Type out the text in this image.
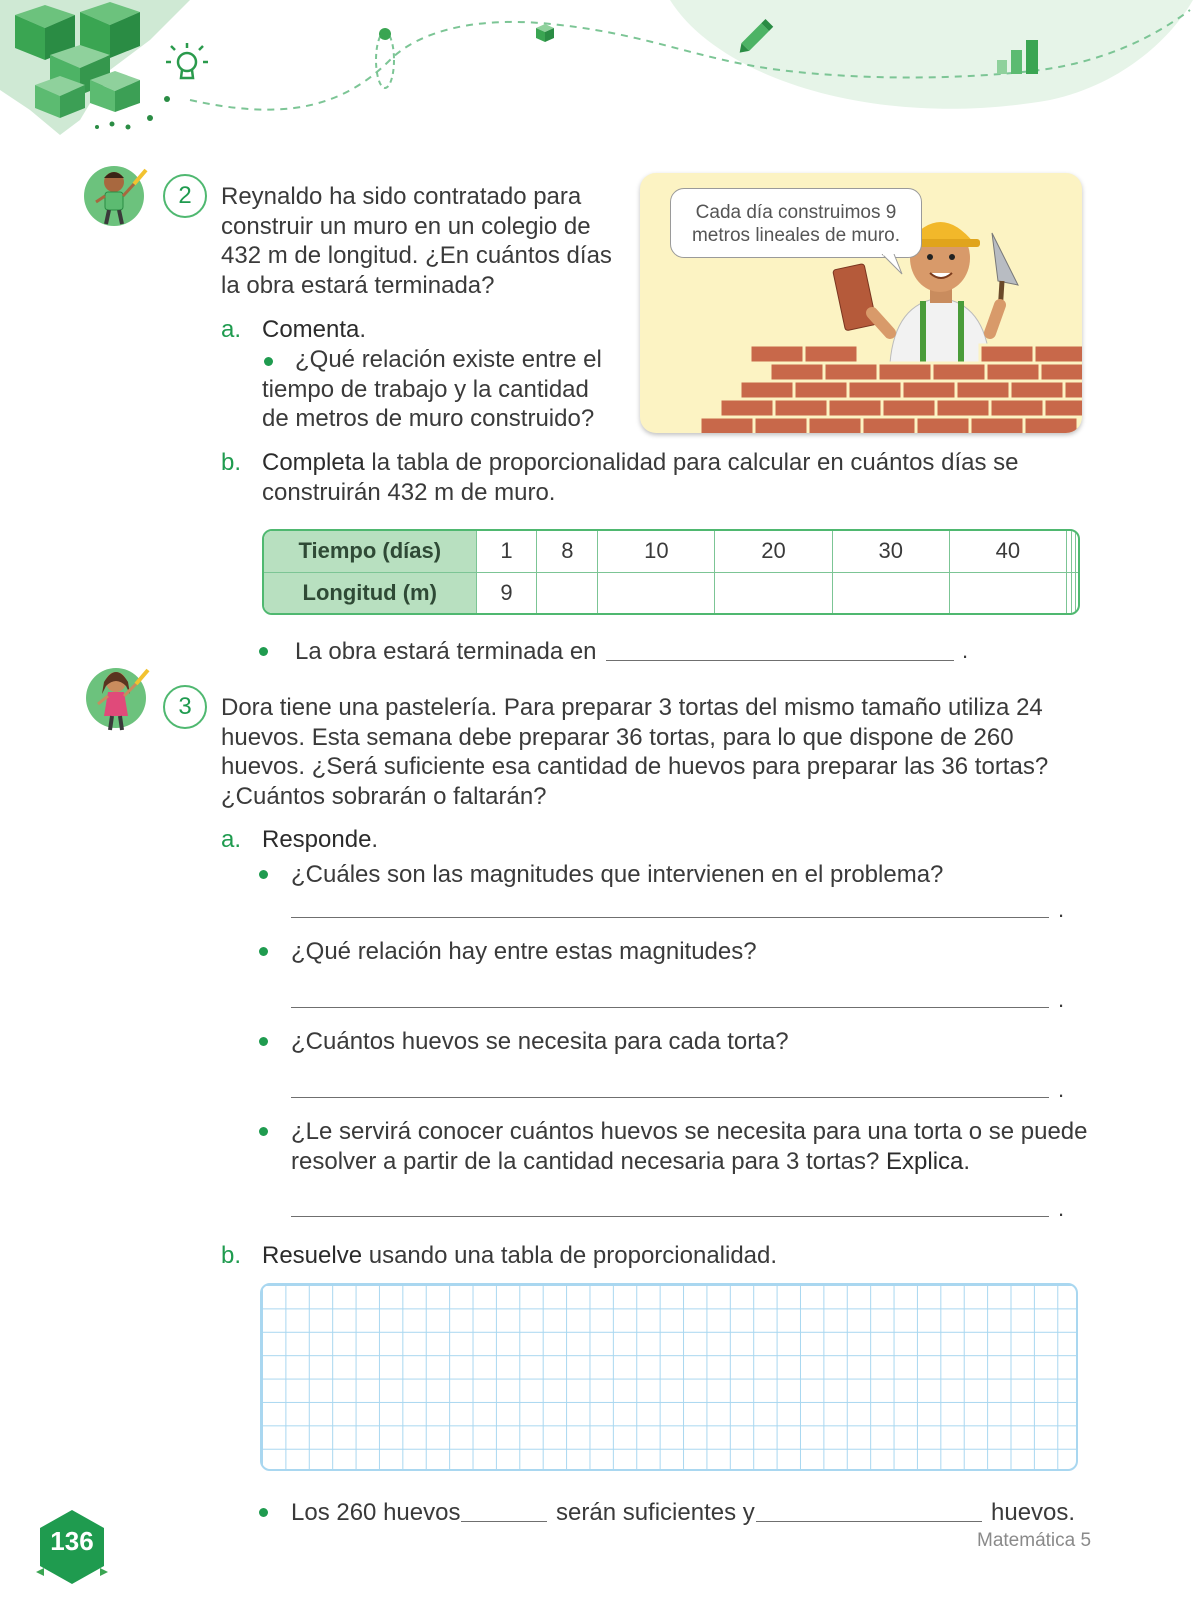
2	Reynaldo ha sido contratado para
construir un muro en un colegio de
432 m de longitud. ¿En cuántos días
la obra estará terminada?
a. Comenta.
¿Qué relación existe entre el
tiempo de trabajo y la cantidad
de metros de muro construido?
Cada día construimos 9
metros lineales de muro.
b. Completa la tabla de proporcionalidad para calcular en cuántos días se
construirán 432 m de muro.
Tiempo (días)	1	8	10	20	30	40			
Longitud (m)	9								
La obra estará terminada en	.
3	Dora tiene una pastelería. Para preparar 3 tortas del mismo tamaño utiliza 24
huevos. Esta semana debe preparar 36 tortas, para lo que dispone de 260
huevos. ¿Será suficiente esa cantidad de huevos para preparar las 36 tortas?
¿Cuántos sobrarán o faltarán?
a. Responde.
¿Cuáles son las magnitudes que intervienen en el problema?
.
¿Qué relación hay entre estas magnitudes?
.
¿Cuántos huevos se necesita para cada torta?
.
¿Le servirá conocer cuántos huevos se necesita para una torta o se puede
resolver a partir de la cantidad necesaria para 3 tortas? Explica.
.
b. Resuelve usando una tabla de proporcionalidad.
Los 260 huevos	serán suficientes y	huevos.
136	Matemática 5
